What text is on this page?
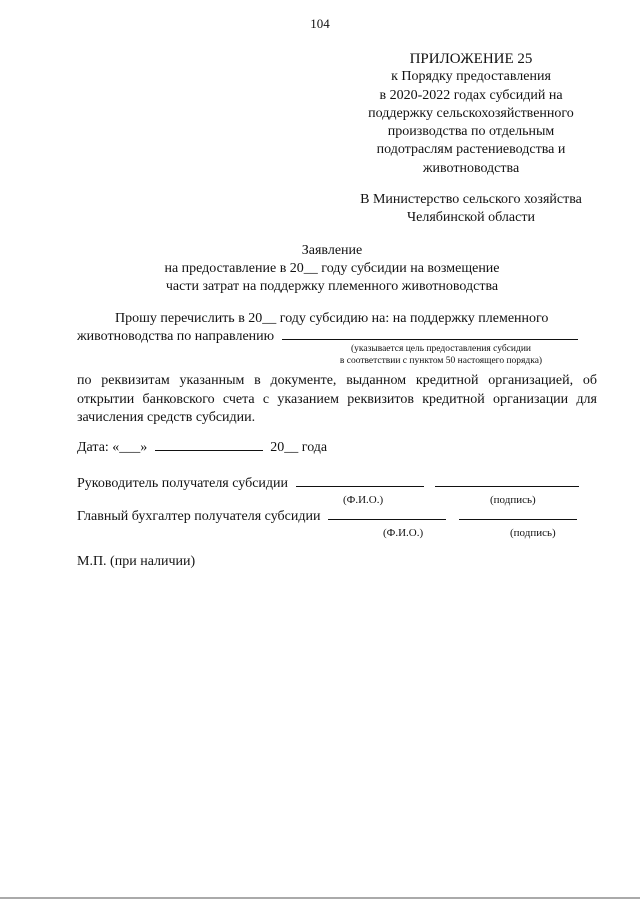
104
ПРИЛОЖЕНИЕ 25
к Порядку предоставления
в 2020-2022 годах субсидий на
поддержку сельскохозяйственного
производства по отдельным
подотраслям растениеводства и
животноводства
В Министерство сельского хозяйства
Челябинской области
Заявление
на предоставление в 20__ году субсидии на возмещение
части затрат на поддержку племенного животноводства
Прошу перечислить в 20__ году субсидию на: на поддержку племенного
животноводства по направлению
(указывается цель предоставления субсидии
в соответствии с пунктом 50 настоящего порядка)
по реквизитам указанным в документе, выданном кредитной организацией, об
открытии банковского счета с указанием реквизитов кредитной организации для
зачисления средств субсидии.
Дата: «___»	20__ года
Руководитель получателя субсидии
(Ф.И.О.)	(подпись)
Главный бухгалтер получателя субсидии
(Ф.И.О.)	(подпись)
М.П. (при наличии)
